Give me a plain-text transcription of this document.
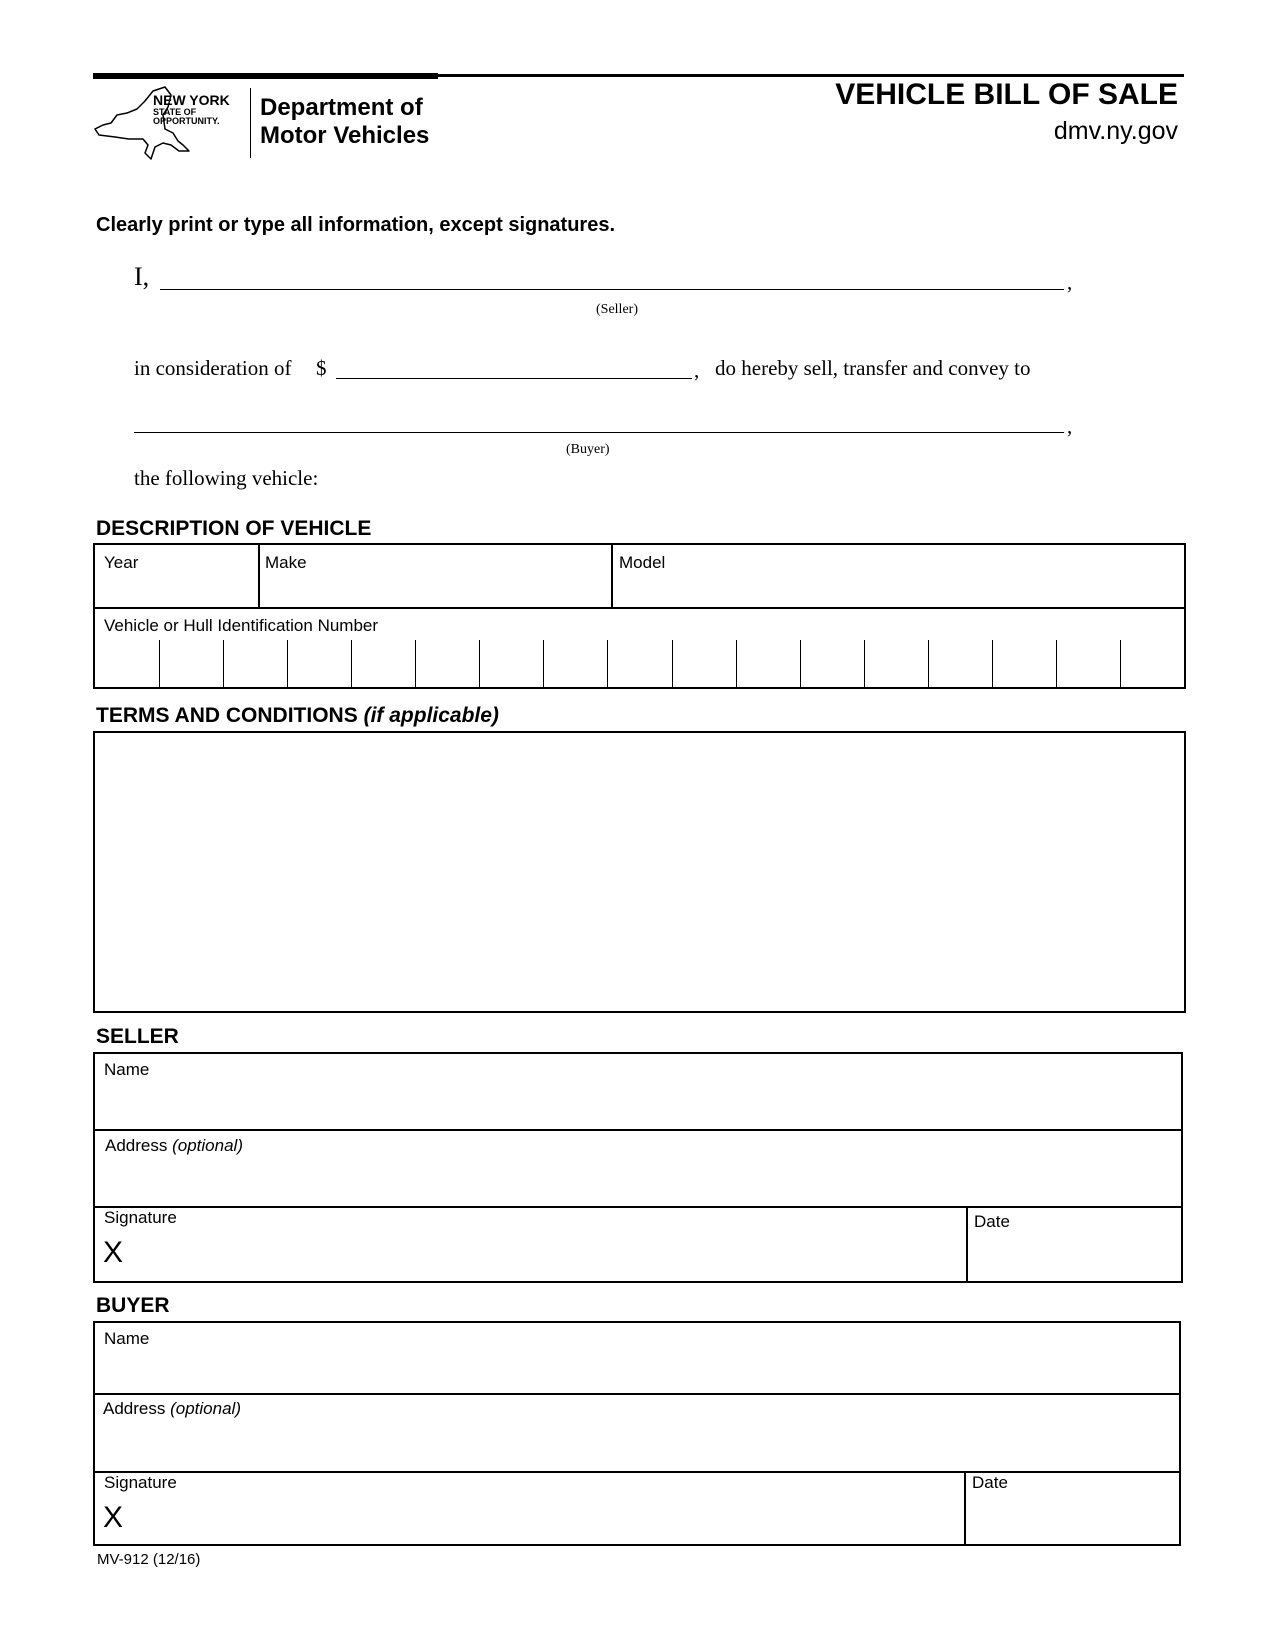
NEW YORK
STATE OF
OPPORTUNITY.	Department of
Motor Vehicles
VEHICLE BILL OF SALE
dmv.ny.gov
Clearly print or type all information, except signatures.
I,	,
(Seller)
in consideration of $	, do hereby sell, transfer and convey to
,
(Buyer)
the following vehicle:
DESCRIPTION OF VEHICLE
Year	Make	Model
Vehicle or Hull Identification Number
TERMS AND CONDITIONS (if applicable)
SELLER
Name
Address (optional)
Signature
X
Date
BUYER
Name
Address (optional)
Signature
X
Date
MV-912 (12/16)
